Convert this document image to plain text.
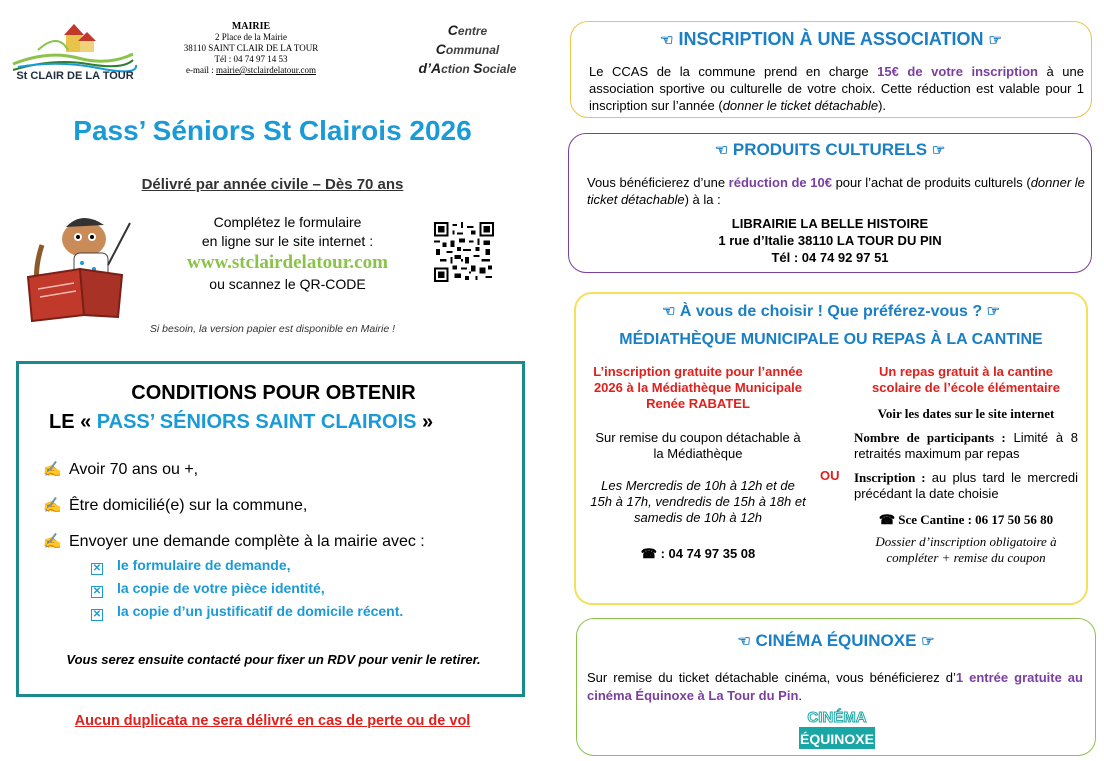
St CLAIR DE LA TOUR
MAIRIE
2 Place de la Mairie
38110 SAINT CLAIR DE LA TOUR
Tél : 04 74 97 14 53
e-mail : mairie@stclairdelatour.com
Centre
Communal
d’Action Sociale
Pass’ Séniors St Clairois 2026
Délivré par année civile – Dès 70 ans
Complétez le formulaire
en ligne sur le site internet :
www.stclairdelatour.com
ou scannez le QR-CODE
Si besoin, la version papier est disponible en Mairie !
CONDITIONS POUR OBTENIR
LE « PASS’ SÉNIORS SAINT CLAIROIS »
✍ Avoir 70 ans ou +,
✍ Être domicilié(e) sur la commune,
✍ Envoyer une demande complète à la mairie avec :
✕ le formulaire de demande,
✕ la copie de votre pièce identité,
✕ la copie d’un justificatif de domicile récent.
Vous serez ensuite contacté pour fixer un RDV pour venir le retirer.
Aucun duplicata ne sera délivré en cas de perte ou de vol
☜ INSCRIPTION À UNE ASSOCIATION ☞
Le CCAS de la commune prend en charge 15€ de votre inscription à une association sportive ou culturelle de votre choix. Cette réduction est valable pour 1 inscription sur l’année (donner le ticket détachable).
☜ PRODUITS CULTURELS ☞
Vous bénéficierez d’une réduction de 10€ pour l’achat de produits culturels (donner le ticket détachable) à la :
LIBRAIRIE LA BELLE HISTOIRE
1 rue d’Italie 38110 LA TOUR DU PIN
Tél : 04 74 92 97 51
☜ À vous de choisir ! Que préférez-vous ? ☞
MÉDIATHÈQUE MUNICIPALE OU REPAS À LA CANTINE
L’inscription gratuite pour l’année 2026 à la Médiathèque Municipale Renée RABATEL
Sur remise du coupon détachable à la Médiathèque
Les Mercredis de 10h à 12h et de 15h à 17h, vendredis de 15h à 18h et samedis de 10h à 12h
☎ : 04 74 97 35 08
OU
Un repas gratuit à la cantine scolaire de l’école élémentaire
Voir les dates sur le site internet
Nombre de participants : Limité à 8 retraités maximum par repas
Inscription : au plus tard le mercredi précédant la date choisie
☎ Sce Cantine : 06 17 50 56 80
Dossier d’inscription obligatoire à compléter + remise du coupon
☜ CINÉMA ÉQUINOXE ☞
Sur remise du ticket détachable cinéma, vous bénéficierez d’1 entrée gratuite au cinéma Équinoxe à La Tour du Pin.
CINÉMA
ÉQUINOXE
